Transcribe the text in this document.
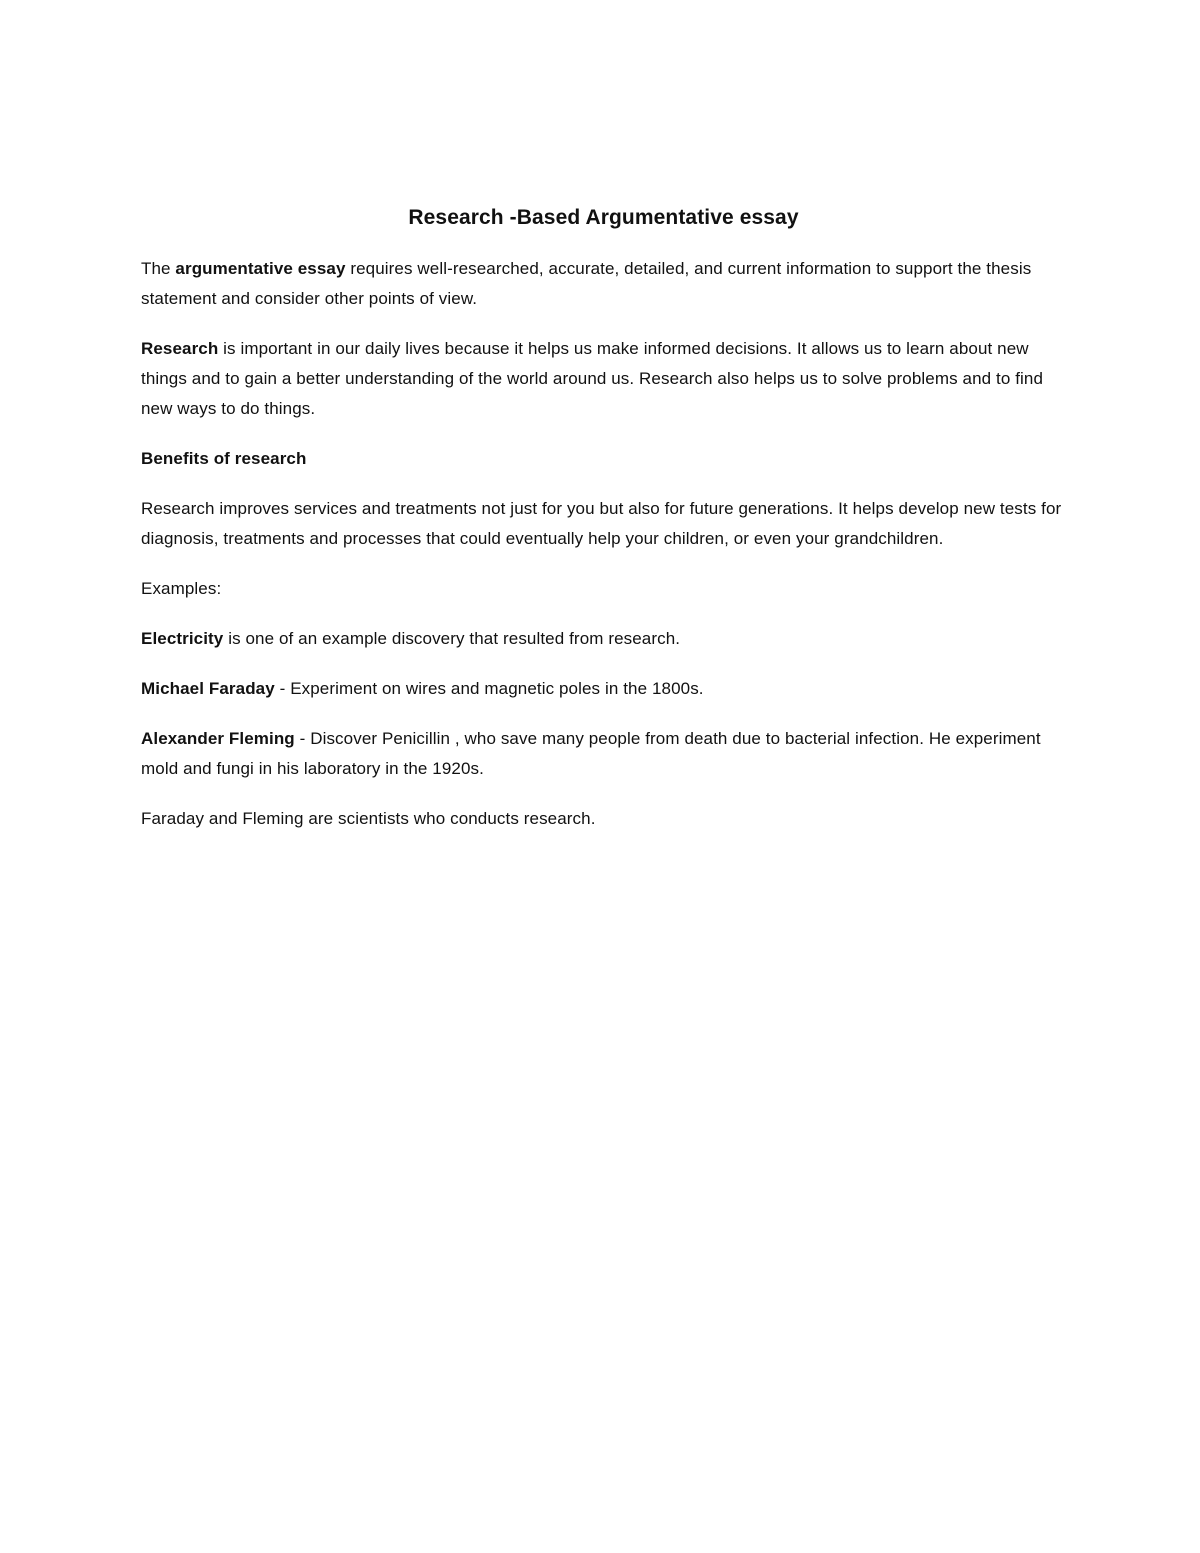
Research -Based Argumentative essay

The argumentative essay requires well-researched, accurate, detailed, and current information to support the thesis statement and consider other points of view.

Research is important in our daily lives because it helps us make informed decisions. It allows us to learn about new things and to gain a better understanding of the world around us. Research also helps us to solve problems and to find new ways to do things.

Benefits of research

Research improves services and treatments not just for you but also for future generations. It helps develop new tests for diagnosis, treatments and processes that could eventually help your children, or even your grandchildren.

Examples:

Electricity is one of an example discovery that resulted from research.

Michael Faraday - Experiment on wires and magnetic poles in the 1800s.

Alexander Fleming - Discover Penicillin , who save many people from death due to bacterial infection. He experiment mold and fungi in his laboratory in the 1920s.

Faraday and Fleming are scientists who conducts research.
